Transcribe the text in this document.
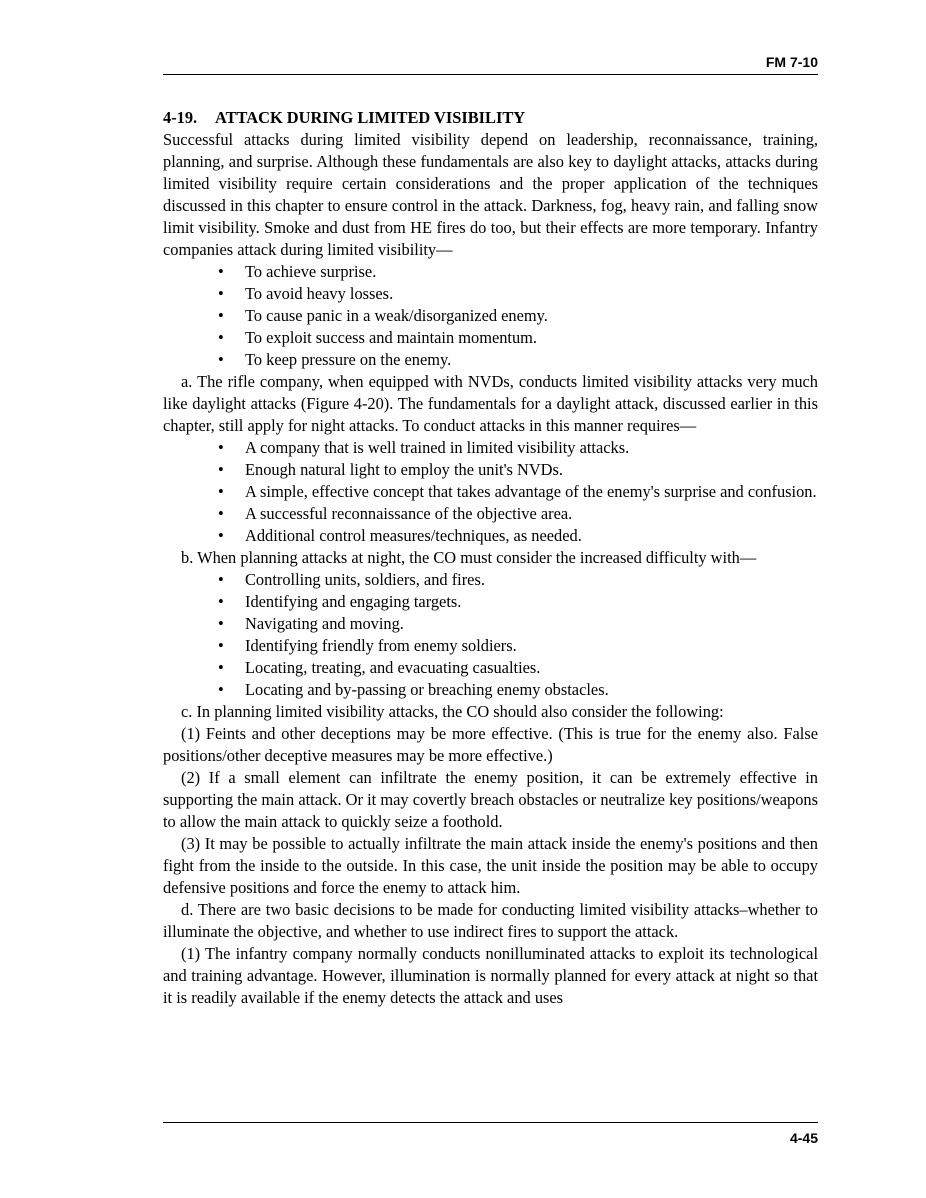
FM 7-10
4-19. ATTACK DURING LIMITED VISIBILITY

Successful attacks during limited visibility depend on leadership, reconnaissance, training, planning, and surprise. Although these fundamentals are also key to daylight attacks, attacks during limited visibility require certain considerations and the proper application of the techniques discussed in this chapter to ensure control in the attack. Darkness, fog, heavy rain, and falling snow limit visibility. Smoke and dust from HE fires do too, but their effects are more temporary. Infantry companies attack during limited visibility—

• To achieve surprise.
• To avoid heavy losses.
• To cause panic in a weak/disorganized enemy.
• To exploit success and maintain momentum.
• To keep pressure on the enemy.

a. The rifle company, when equipped with NVDs, conducts limited visibility attacks very much like daylight attacks (Figure 4-20). The fundamentals for a daylight attack, discussed earlier in this chapter, still apply for night attacks. To conduct attacks in this manner requires—

• A company that is well trained in limited visibility attacks.
• Enough natural light to employ the unit's NVDs.
• A simple, effective concept that takes advantage of the enemy's surprise and confusion.
• A successful reconnaissance of the objective area.
• Additional control measures/techniques, as needed.

b. When planning attacks at night, the CO must consider the increased difficulty with—

• Controlling units, soldiers, and fires.
• Identifying and engaging targets.
• Navigating and moving.
• Identifying friendly from enemy soldiers.
• Locating, treating, and evacuating casualties.
• Locating and by-passing or breaching enemy obstacles.

c. In planning limited visibility attacks, the CO should also consider the following:

(1) Feints and other deceptions may be more effective. (This is true for the enemy also. False positions/other deceptive measures may be more effective.)

(2) If a small element can infiltrate the enemy position, it can be extremely effective in supporting the main attack. Or it may covertly breach obstacles or neutralize key positions/weapons to allow the main attack to quickly seize a foothold.

(3) It may be possible to actually infiltrate the main attack inside the enemy's positions and then fight from the inside to the outside. In this case, the unit inside the position may be able to occupy defensive positions and force the enemy to attack him.

d. There are two basic decisions to be made for conducting limited visibility attacks–whether to illuminate the objective, and whether to use indirect fires to support the attack.

(1) The infantry company normally conducts nonilluminated attacks to exploit its technological and training advantage. However, illumination is normally planned for every attack at night so that it is readily available if the enemy detects the attack and uses

4-45
